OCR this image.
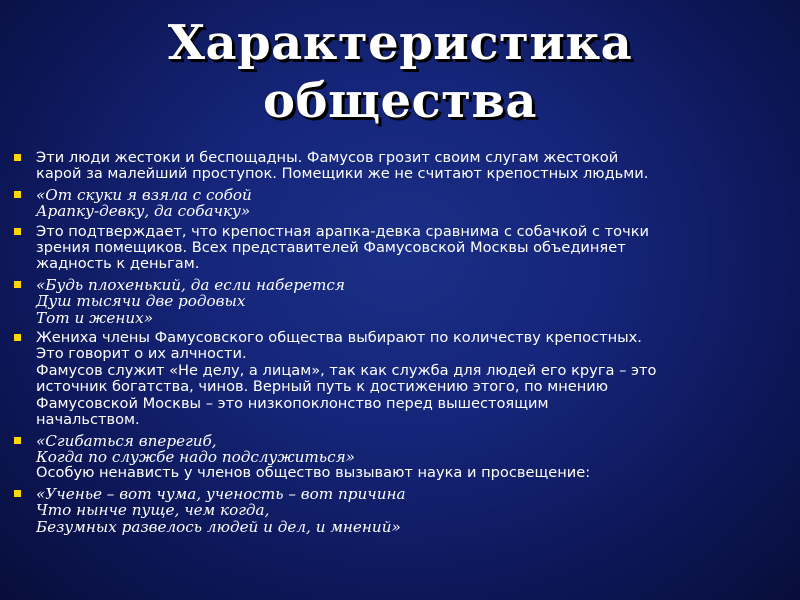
Характеристика
общества
Эти люди жестоки и беспощадны. Фамусов грозит своим слугам жестокой
карой за малейший проступок. Помещики же не считают крепостных людьми.
«От скуки я взяла с собой
Арапку-девку, да собачку»
Это подтверждает, что крепостная арапка-девка сравнима с собачкой с точки
зрения помещиков. Всех представителей Фамусовской Москвы объединяет
жадность к деньгам.
«Будь плохенький, да если наберется
Душ тысячи две родовых
Тот и жених»
Жениха члены Фамусовского общества выбирают по количеству крепостных.
Это говорит о их алчности.
Фамусов служит «Не делу, а лицам», так как служба для людей его круга – это
источник богатства, чинов. Верный путь к достижению этого, по мнению
Фамусовской Москвы – это низкопоклонство перед вышестоящим
начальством.
«Сгибаться вперегиб,
Когда по службе надо подслужиться»
Особую ненависть у членов общество вызывают наука и просвещение:
«Ученье – вот чума, ученость – вот причина
Что нынче пуще, чем когда,
Безумных развелось людей и дел, и мнений»
